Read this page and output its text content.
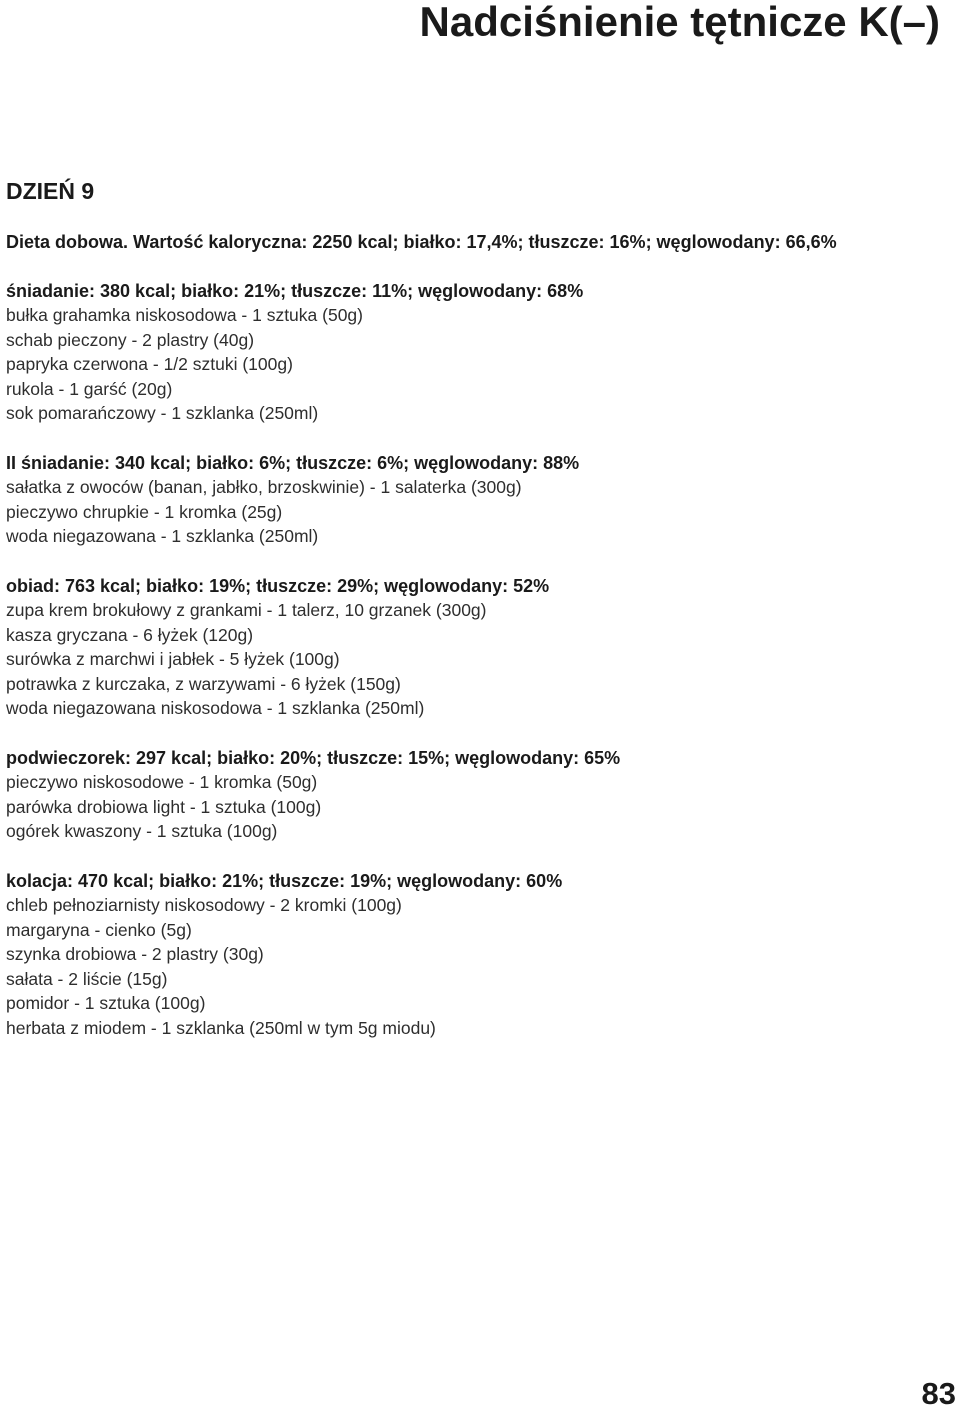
Nadciśnienie tętnicze K(–)
DZIEŃ 9

Dieta dobowa. Wartość kaloryczna: 2250 kcal; białko: 17,4%; tłuszcze: 16%; węglowodany: 66,6%

śniadanie: 380 kcal; białko: 21%; tłuszcze: 11%; węglowodany: 68%
bułka grahamka niskosodowa - 1 sztuka (50g)
schab pieczony - 2 plastry (40g)
papryka czerwona - 1/2 sztuki (100g)
rukola - 1 garść (20g)
sok pomarańczowy - 1 szklanka (250ml)
II śniadanie: 340 kcal; białko: 6%; tłuszcze: 6%; węglowodany: 88%
sałatka z owoców (banan, jabłko, brzoskwinie) - 1 salaterka (300g)
pieczywo chrupkie - 1 kromka (25g)
woda niegazowana - 1 szklanka (250ml)
obiad: 763 kcal; białko: 19%; tłuszcze: 29%; węglowodany: 52%
zupa krem brokułowy z grankami - 1 talerz, 10 grzanek (300g)
kasza gryczana - 6 łyżek (120g)
surówka z marchwi i jabłek - 5 łyżek (100g)
potrawka z kurczaka, z warzywami - 6 łyżek (150g)
woda niegazowana niskosodowa - 1 szklanka (250ml)
podwieczorek: 297 kcal; białko: 20%; tłuszcze: 15%; węglowodany: 65%
pieczywo niskosodowe - 1 kromka (50g)
parówka drobiowa light - 1 sztuka (100g)
ogórek kwaszony - 1 sztuka (100g)
kolacja: 470 kcal; białko: 21%; tłuszcze: 19%; węglowodany: 60%
chleb pełnoziarnisty niskosodowy - 2 kromki (100g)
margaryna - cienko (5g)
szynka drobiowa - 2 plastry (30g)
sałata - 2 liście (15g)
pomidor - 1 sztuka (100g)
herbata z miodem - 1 szklanka (250ml w tym 5g miodu)
83
